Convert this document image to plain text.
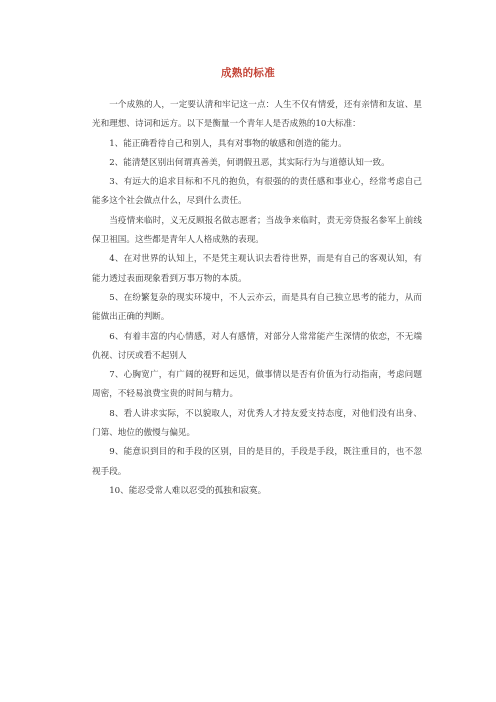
成熟的标准

一个成熟的人，一定要认清和牢记这一点：人生不仅有情爱，还有亲情和友谊、星光和理想、诗词和远方。以下是衡量一个青年人是否成熟的10大标准：

1、能正确看待自己和别人，具有对事物的敏感和创造的能力。

2、能清楚区别出何谓真善美，何谓假丑恶，其实际行为与道德认知一致。

3、有远大的追求目标和不凡的抱负，有很强的的责任感和事业心，经常考虑自己能多这个社会做点什么，尽到什么责任。

当疫情来临时，义无反顾报名做志愿者；当战争来临时，责无旁贷报名参军上前线保卫祖国。这些都是青年人人格成熟的表现。

4、在对世界的认知上，不是凭主观认识去看待世界，而是有自己的客观认知，有能力透过表面现象看到万事万物的本质。

5、在纷繁复杂的现实环境中，不人云亦云，而是具有自己独立思考的能力，从而能做出正确的判断。

6、有着丰富的内心情感，对人有感情，对部分人常常能产生深情的依恋，不无端仇视、讨厌或看不起别人

7、心胸宽广，有广阔的视野和远见，做事情以是否有价值为行动指南，考虑问题周密，不轻易浪费宝贵的时间与精力。

8、看人讲求实际，不以貌取人，对优秀人才持友爱支持态度，对他们没有出身、门第、地位的傲慢与偏见。

9、能意识到目的和手段的区别，目的是目的，手段是手段，既注重目的，也不忽视手段。

10、能忍受常人难以忍受的孤独和寂寞。
